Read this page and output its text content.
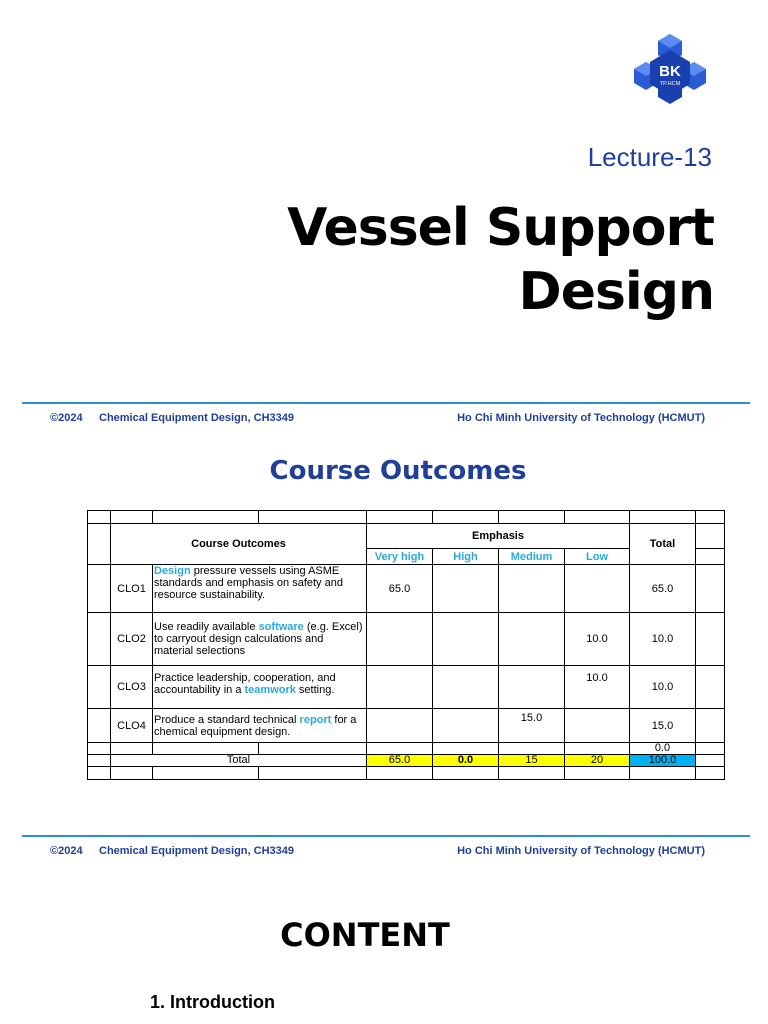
BK
TP.HCM
Lecture-13
Vessel Support
Design
©2024 Chemical Equipment Design, CH3349	Ho Chi Minh University of Technology (HCMUT)
Course Outcomes

	Course Outcomes			Emphasis				Total	
				Very high	High	Medium	Low		
	CLO1	Design pressure vessels using ASME standards and emphasis on safety and resource sustainability.		65.0				65.0	
	CLO2	Use readily available software (e.g. Excel) to carryout design calculations and material selections					10.0	10.0	
	CLO3	Practice leadership, cooperation, and accountability in a teamwork setting.					10.0	10.0	
	CLO4	Produce a standard technical report for a chemical equipment design.				15.0		15.0	
								0.0	
	Total			65.0	0.0	15	20	100.0	

©2024 Chemical Equipment Design, CH3349	Ho Chi Minh University of Technology (HCMUT)
CONTENT
1. Introduction
